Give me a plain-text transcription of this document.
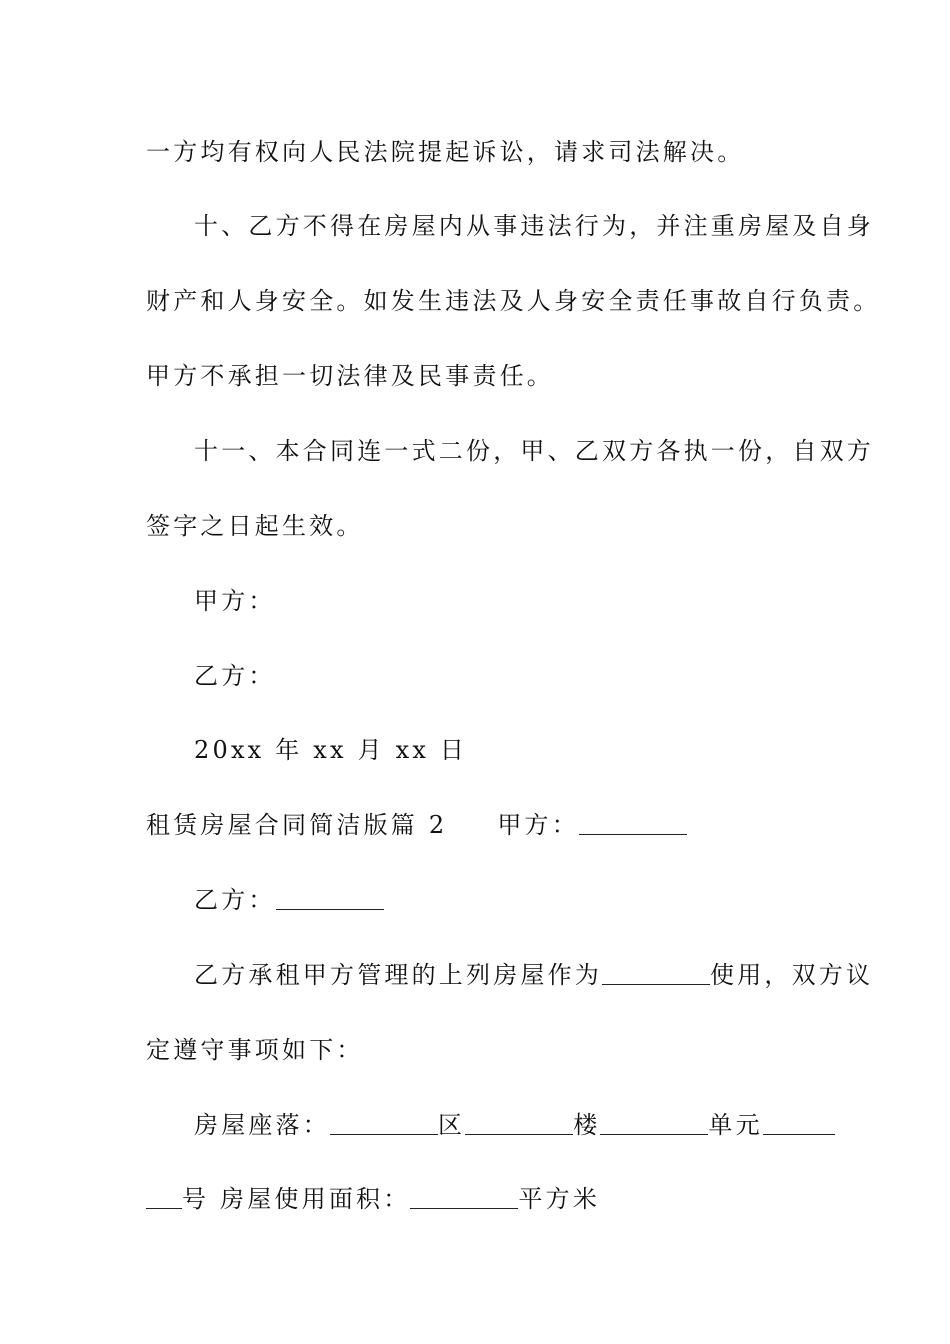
一方均有权向人民法院提起诉讼，请求司法解决。
十、乙方不得在房屋内从事违法行为，并注重房屋及自身
财产和人身安全。如发生违法及人身安全责任事故自行负责。
甲方不承担一切法律及民事责任。
十一、本合同连一式二份，甲、乙双方各执一份，自双方
签字之日起生效。
甲方：
乙方：
20xx 年 xx 月 xx 日
租赁房屋合同简洁版篇 2 甲方：
乙方：
乙方承租甲方管理的上列房屋作为	使用，双方议
定遵守事项如下：
房屋座落：	区	楼	单元
号 房屋使用面积：	平方米
